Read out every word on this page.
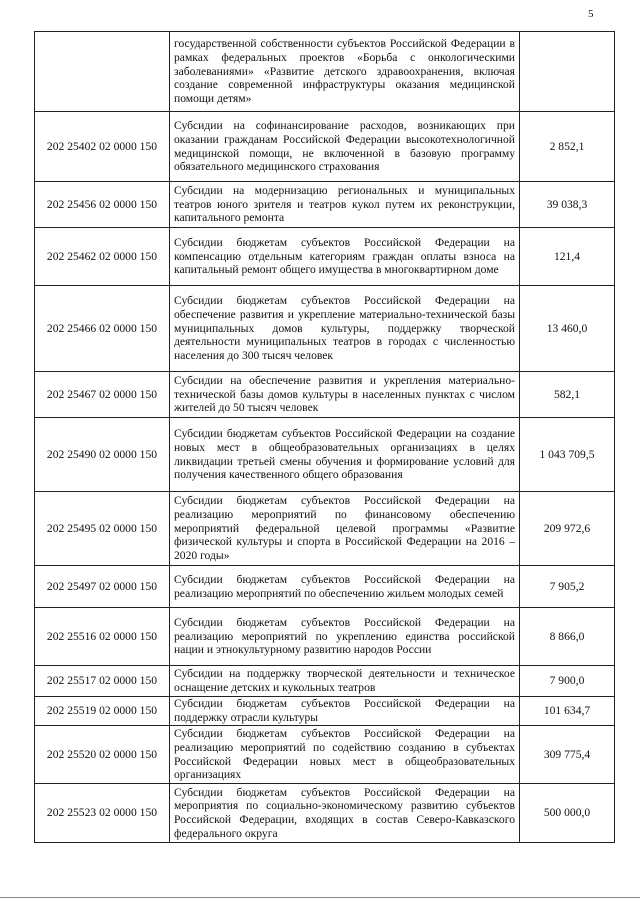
5
	государственной собственности субъектов Российской Федерации в рамках федеральных проектов «Борьба с онкологическими заболеваниями» «Развитие детского здравоохранения, включая создание современной инфраструктуры оказания медицинской помощи детям»	
202 25402 02 0000 150	Субсидии на софинансирование расходов, возникающих при оказании гражданам Российской Федерации высокотехнологичной медицинской помощи, не включенной в базовую программу обязательного медицинского страхования	2 852,1
202 25456 02 0000 150	Субсидии на модернизацию региональных и муниципальных театров юного зрителя и театров кукол путем их реконструкции, капитального ремонта	39 038,3
202 25462 02 0000 150	Субсидии бюджетам субъектов Российской Федерации на компенсацию отдельным категориям граждан оплаты взноса на капитальный ремонт общего имущества в многоквартирном доме	121,4
202 25466 02 0000 150	Субсидии бюджетам субъектов Российской Федерации на обеспечение развития и укрепление материально-технической базы муниципальных домов культуры, поддержку творческой деятельности муниципальных театров в городах с численностью населения до 300 тысяч человек	13 460,0
202 25467 02 0000 150	Субсидии на обеспечение развития и укрепления материально-технической базы домов культуры в населенных пунктах с числом жителей до 50 тысяч человек	582,1
202 25490 02 0000 150	Субсидии бюджетам субъектов Российской Федерации на создание новых мест в общеобразовательных организациях в целях ликвидации третьей смены обучения и формирование условий для получения качественного общего образования	1 043 709,5
202 25495 02 0000 150	Субсидии бюджетам субъектов Российской Федерации на реализацию мероприятий по финансовому обеспечению мероприятий федеральной целевой программы «Развитие физической культуры и спорта в Российской Федерации на 2016 – 2020 годы»	209 972,6
202 25497 02 0000 150	Субсидии бюджетам субъектов Российской Федерации на реализацию мероприятий по обеспечению жильем молодых семей	7 905,2
202 25516 02 0000 150	Субсидии бюджетам субъектов Российской Федерации на реализацию мероприятий по укреплению единства российской нации и этнокультурному развитию народов России	8 866,0
202 25517 02 0000 150	Субсидии на поддержку творческой деятельности и техническое оснащение детских и кукольных театров	7 900,0
202 25519 02 0000 150	Субсидии бюджетам субъектов Российской Федерации на поддержку отрасли культуры	101 634,7
202 25520 02 0000 150	Субсидии бюджетам субъектов Российской Федерации на реализацию мероприятий по содействию созданию в субъектах Российской Федерации новых мест в общеобразовательных организациях	309 775,4
202 25523 02 0000 150	Субсидии бюджетам субъектов Российской Федерации на мероприятия по социально-экономическому развитию субъектов Российской Федерации, входящих в состав Северо-Кавказского федерального округа	500 000,0
